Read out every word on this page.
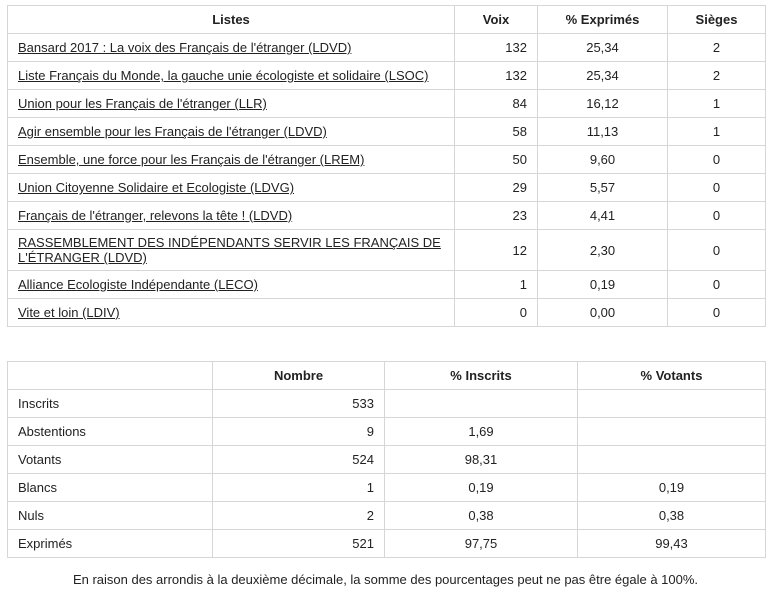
Listes	Voix	% Exprimés	Sièges
Bansard 2017 : La voix des Français de l'étranger (LDVD)	132	25,34	2
Liste Français du Monde, la gauche unie écologiste et solidaire (LSOC)	132	25,34	2
Union pour les Français de l'étranger (LLR)	84	16,12	1
Agir ensemble pour les Français de l'étranger (LDVD)	58	11,13	1
Ensemble, une force pour les Français de l'étranger (LREM)	50	9,60	0
Union Citoyenne Solidaire et Ecologiste (LDVG)	29	5,57	0
Français de l'étranger, relevons la tête ! (LDVD)	23	4,41	0
RASSEMBLEMENT DES INDÉPENDANTS SERVIR LES FRANÇAIS DE L'ÉTRANGER (LDVD)	12	2,30	0
Alliance Ecologiste Indépendante (LECO)	1	0,19	0
Vite et loin (LDIV)	0	0,00	0
	Nombre	% Inscrits	% Votants
Inscrits	533		
Abstentions	9	1,69	
Votants	524	98,31	
Blancs	1	0,19	0,19
Nuls	2	0,38	0,38
Exprimés	521	97,75	99,43
En raison des arrondis à la deuxième décimale, la somme des pourcentages peut ne pas être égale à 100%.
